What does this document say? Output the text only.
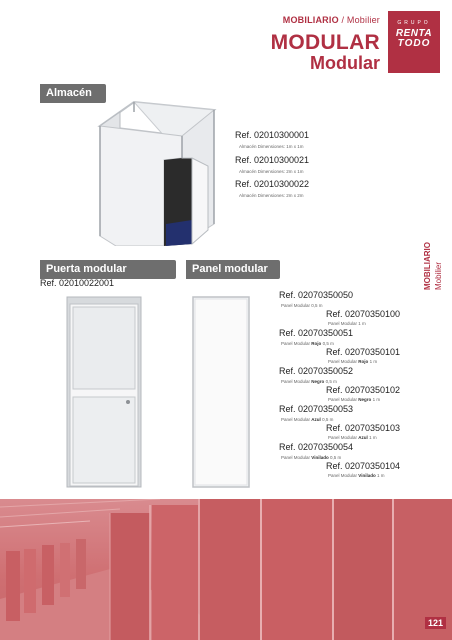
MOBILIARIO / Mobilier
MODULAR
Modular
GRUPO
RENTA
TODO
Almacén
Ref. 02010300001
Almacén Dimensiones: 1m x 1m
Ref. 02010300021
Almacén Dimensiones: 2m x 1m
Ref. 02010300022
Almacén Dimensiones: 2m x 2m
Puerta modular
Ref. 02010022001
Panel modular
Ref. 02070350050
Panel Modular 0,5 m
Ref. 02070350100
Panel Modular 1 m
Ref. 02070350051
Panel Modular Rojo 0,5 m
Ref. 02070350101
Panel Modular Rojo 1 m
Ref. 02070350052
Panel Modular Negro 0,5 m
Ref. 02070350102
Panel Modular Negro 1 m
Ref. 02070350053
Panel Modular Azul 0,5 m
Ref. 02070350103
Panel Modular Azul 1 m
Ref. 02070350054
Panel Modular Vinilado 0,5 m
Ref. 02070350104
Panel Modular Vinilado 1 m
MOBILIARIO Mobilier
121
